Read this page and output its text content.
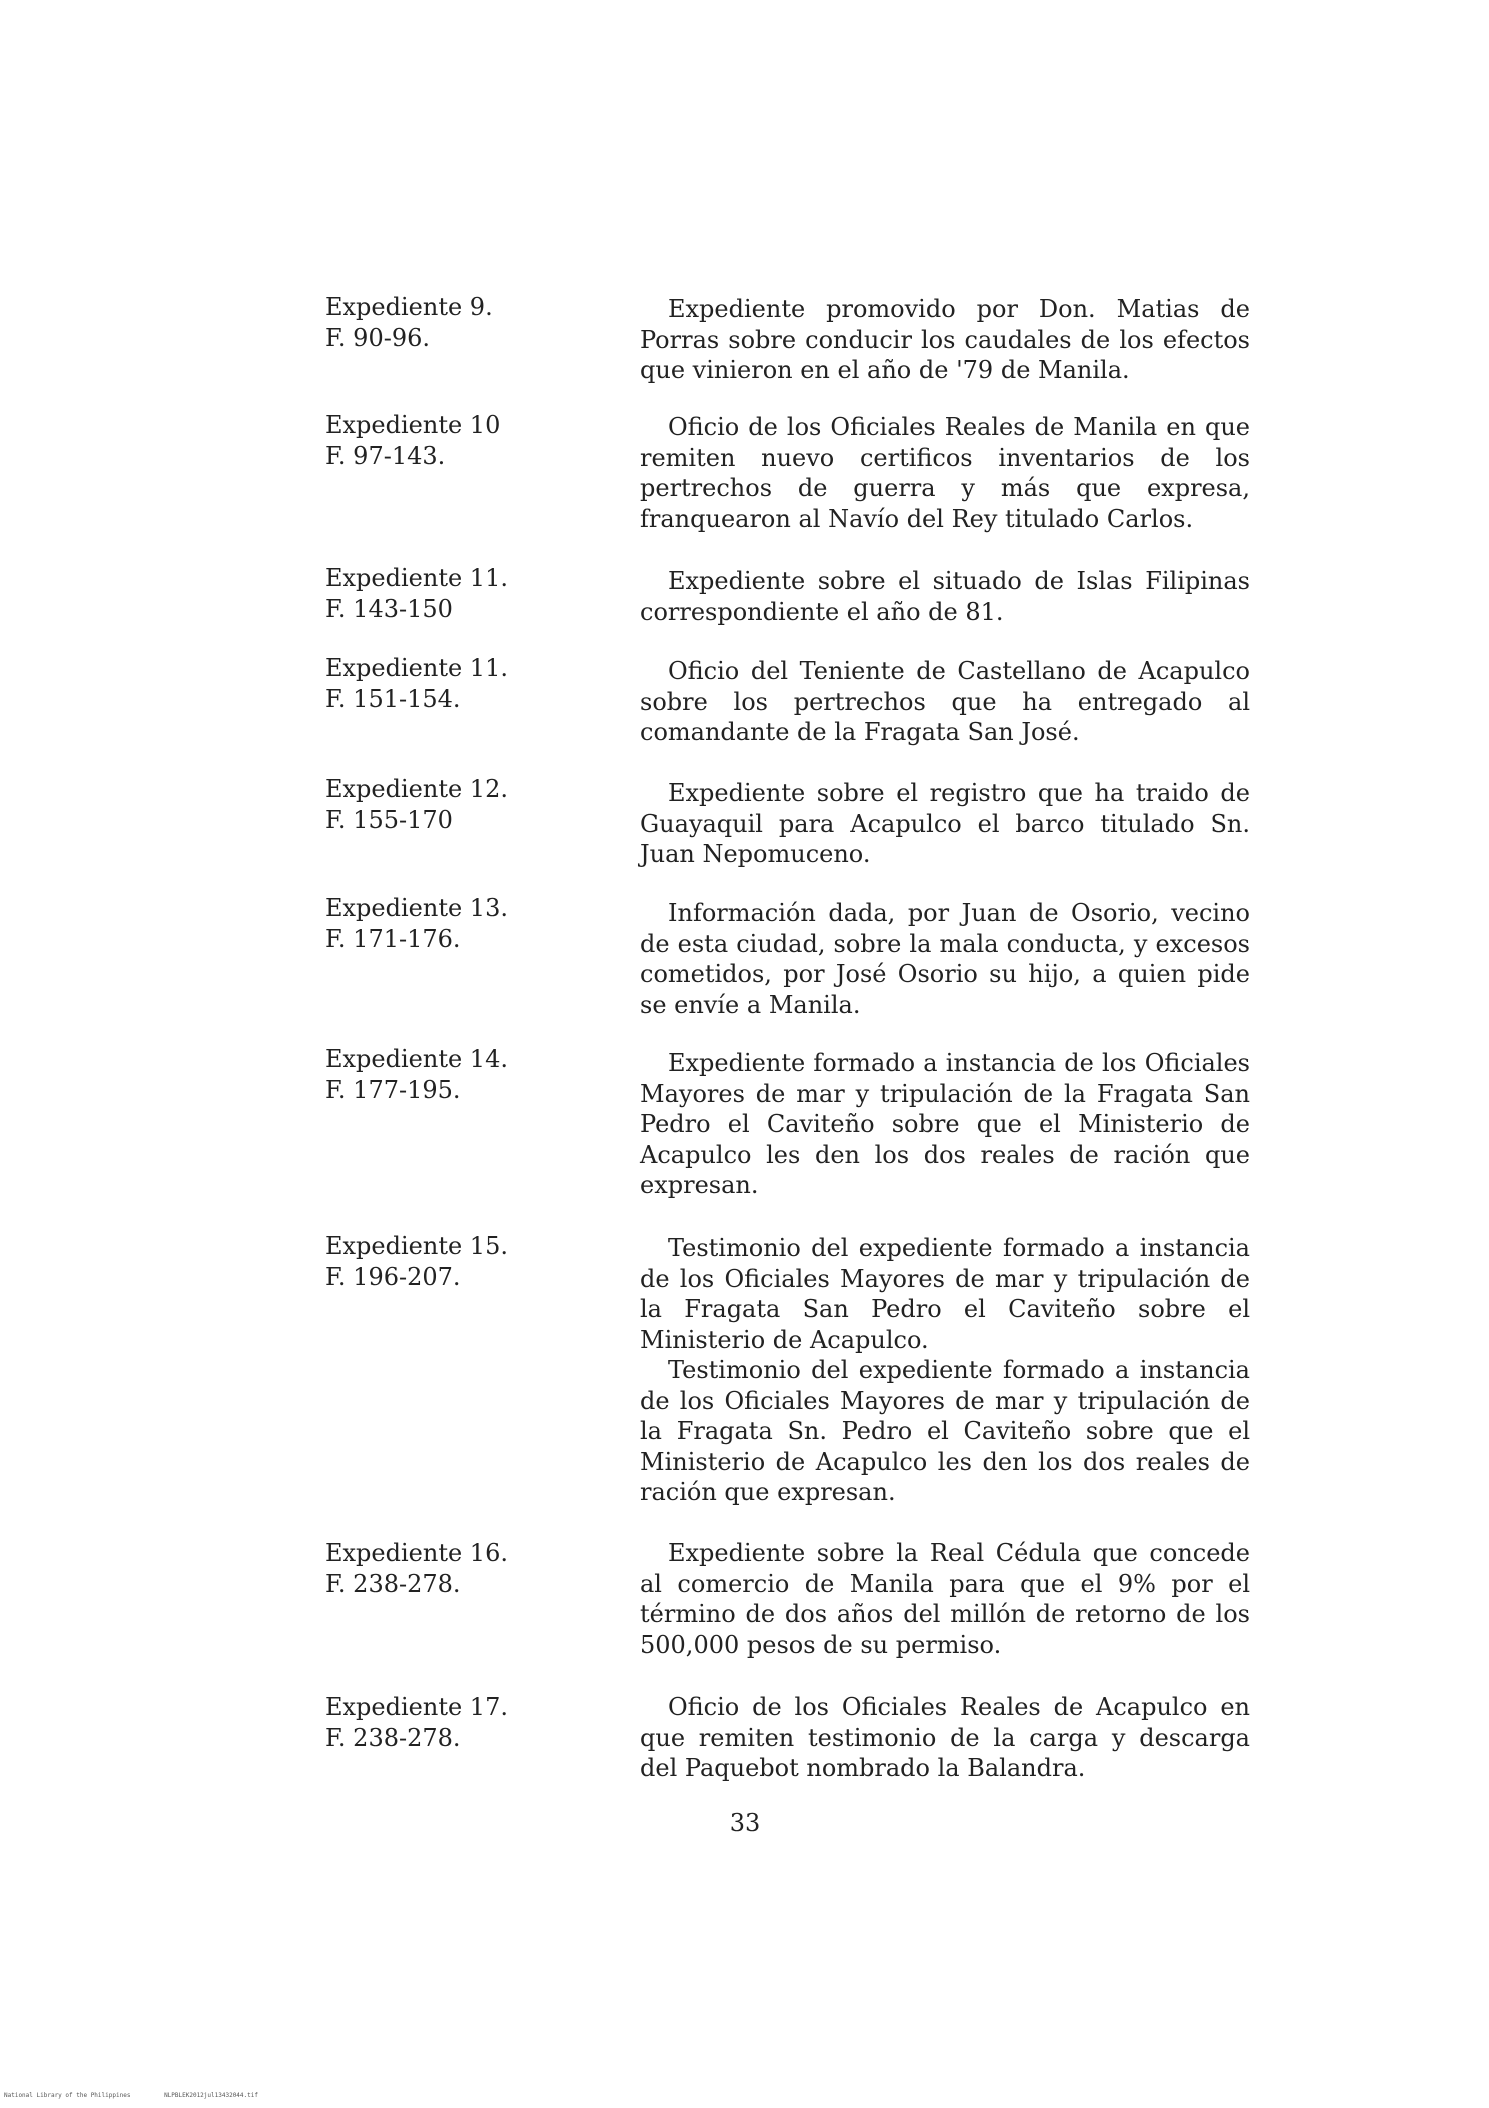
Expediente 9.
F. 90-96.

Expediente promovido por Don. Matias de Porras sobre conducir los caudales de los efectos que vinieron en el año de '79 de Manila.

Expediente 10
F. 97-143.

Oficio de los Oficiales Reales de Manila en que remiten nuevo certificos inventarios de los pertrechos de guerra y más que expresa, franquearon al Navío del Rey titulado Carlos.

Expediente 11.
F. 143-150

Expediente sobre el situado de Islas Filipinas correspondiente el año de 81.

Expediente 11.
F. 151-154.

Oficio del Teniente de Castellano de Acapulco sobre los pertrechos que ha entregado al comandante de la Fragata San José.

Expediente 12.
F. 155-170

Expediente sobre el registro que ha traido de Guayaquil para Acapulco el barco titulado Sn. Juan Nepomuceno.

Expediente 13.
F. 171-176.

Información dada, por Juan de Osorio, vecino de esta ciudad, sobre la mala conducta, y excesos cometidos, por José Osorio su hijo, a quien pide se envíe a Manila.

Expediente 14.
F. 177-195.

Expediente formado a instancia de los Oficiales Mayores de mar y tripulación de la Fragata San Pedro el Caviteño sobre que el Ministerio de Acapulco les den los dos reales de ración que expresan.

Expediente 15.
F. 196-207.

Testimonio del expediente formado a instancia de los Oficiales Mayores de mar y tripulación de la Fragata San Pedro el Caviteño sobre el Ministerio de Acapulco.

Testimonio del expediente formado a instancia de los Oficiales Mayores de mar y tripulación de la Fragata Sn. Pedro el Caviteño sobre que el Ministerio de Acapulco les den los dos reales de ración que expresan.

Expediente 16.
F. 238-278.

Expediente sobre la Real Cédula que concede al comercio de Manila para que el 9% por el término de dos años del millón de retorno de los 500,000 pesos de su permiso.

Expediente 17.
F. 238-278.

Oficio de los Oficiales Reales de Acapulco en que remiten testimonio de la carga y descarga del Paquebot nombrado la Balandra.

33
National Library of the Philippines	NLPBLEK2012jul13432044.tif
